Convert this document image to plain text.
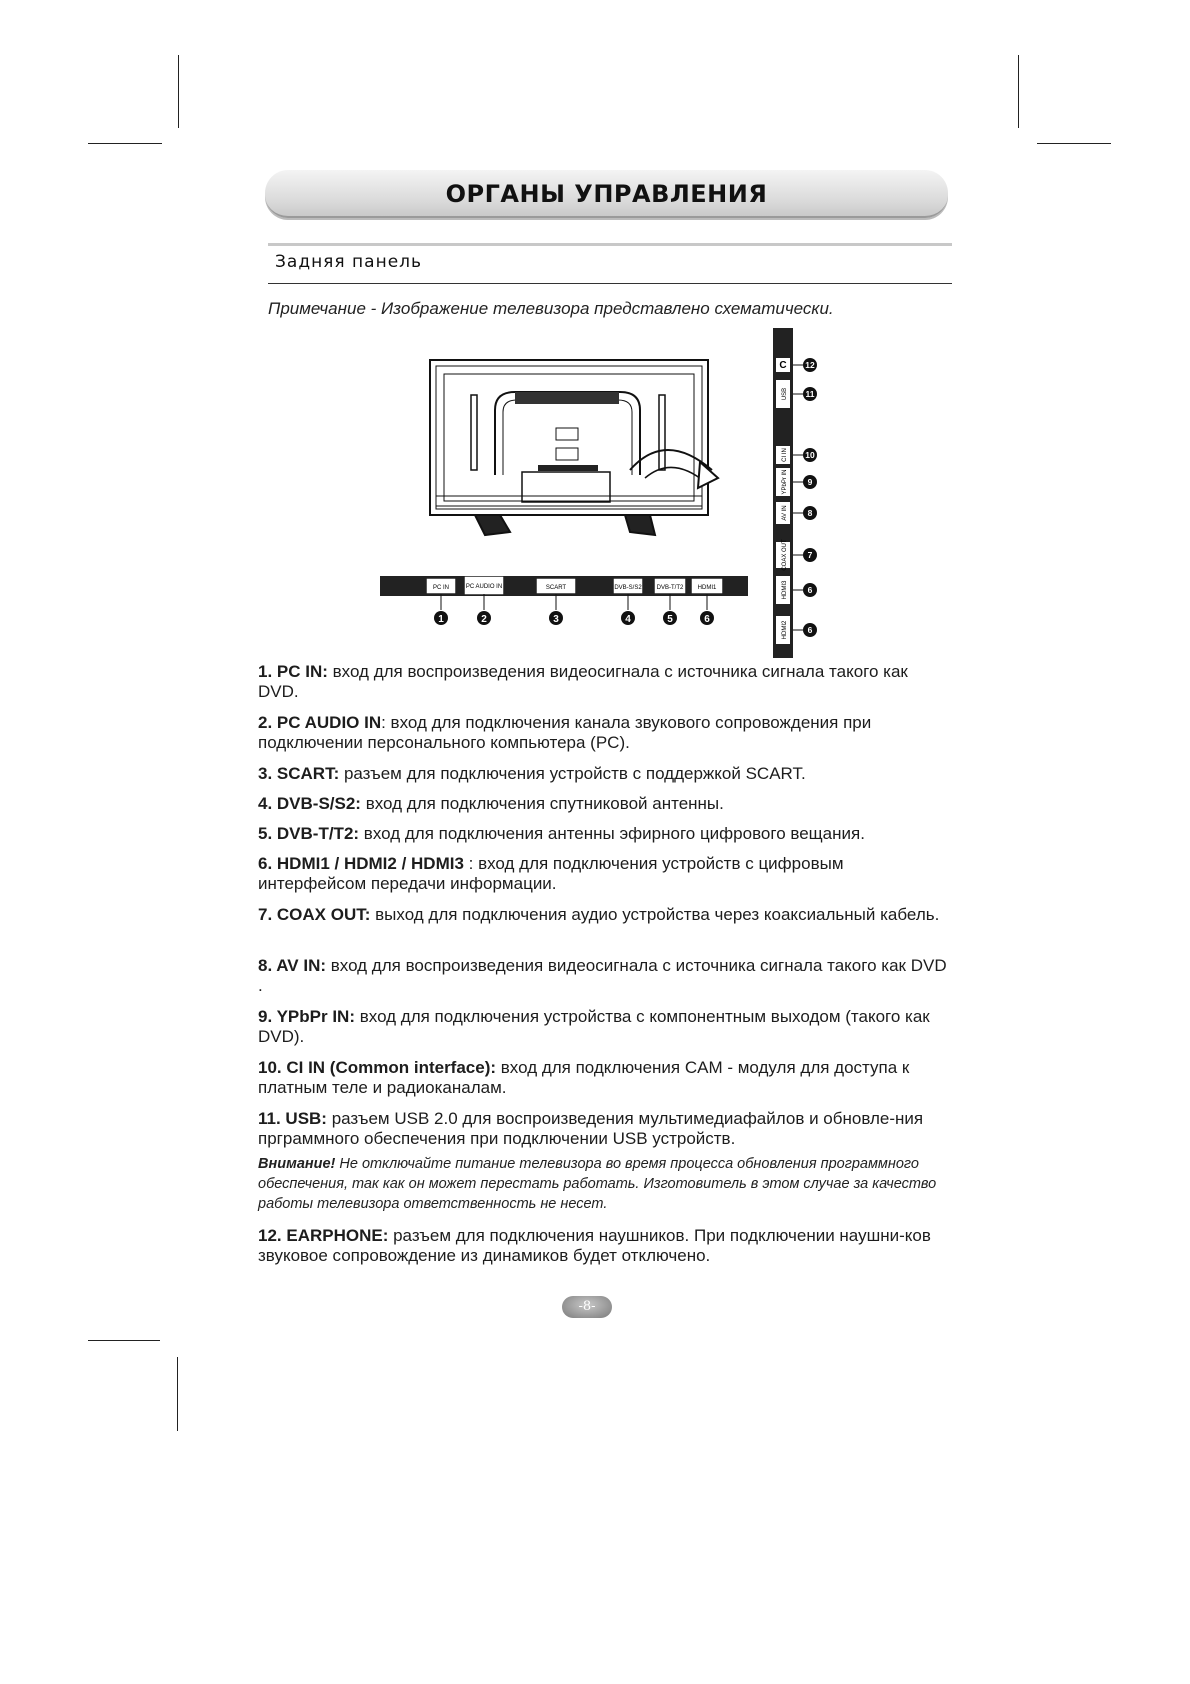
ОРГАНЫ УПРАВЛЕНИЯ
Задняя панель
Примечание - Изображение телевизора представлено схематически.
PC IN	PC AUDIO IN	SCART	DVB-S/S2 DVB-T/T2 HDMI1
1	2	3	4	5	6
C
USB
CI IN
YPbPr IN
AV IN
COAX OUT
HDMI3
HDMI2
12
11
10
9
8
7
6
6
1. PC IN: вход для воспроизведения видеосигнала с источника сигнала такого как DVD.
2. PC AUDIO IN: вход для подключения канала звукового сопровождения при подключении персонального компьютера (PC).
3. SCART: разъем для подключения устройств с поддержкой SCART.
4. DVB-S/S2: вход для подключения спутниковой антенны.
5. DVB-T/T2: вход для подключения антенны эфирного цифрового вещания.
6. HDMI1 / HDMI2 / HDMI3 : вход для подключения устройств с цифровым интерфейсом передачи информации.
7. COAX OUT: выход для подключения аудио устройства через коаксиальный кабель.
8. AV IN: вход для воспроизведения видеосигнала с источника сигнала такого как DVD .
9. YPbPr IN: вход для подключения устройства с компонентным выходом (такого как DVD).
10. CI IN (Common interface): вход для подключения CAM - модуля для доступа к платным теле и радиоканалам.
11. USB: разъем USB 2.0 для воспроизведения мультимедиафайлов и обновле-ния прграммного обеспечения при подключении USB устройств.
Внимание! Не отключайте питание телевизора во время процесса обновления программного обеспечения, так как он может перестать работать. Изготовитель в этом случае за качество работы телевизора ответственность не несет.
12. EARPHONE: разъем для подключения наушников. При подключении наушни-ков звуковое сопровождение из динамиков будет отключено.
-8-
